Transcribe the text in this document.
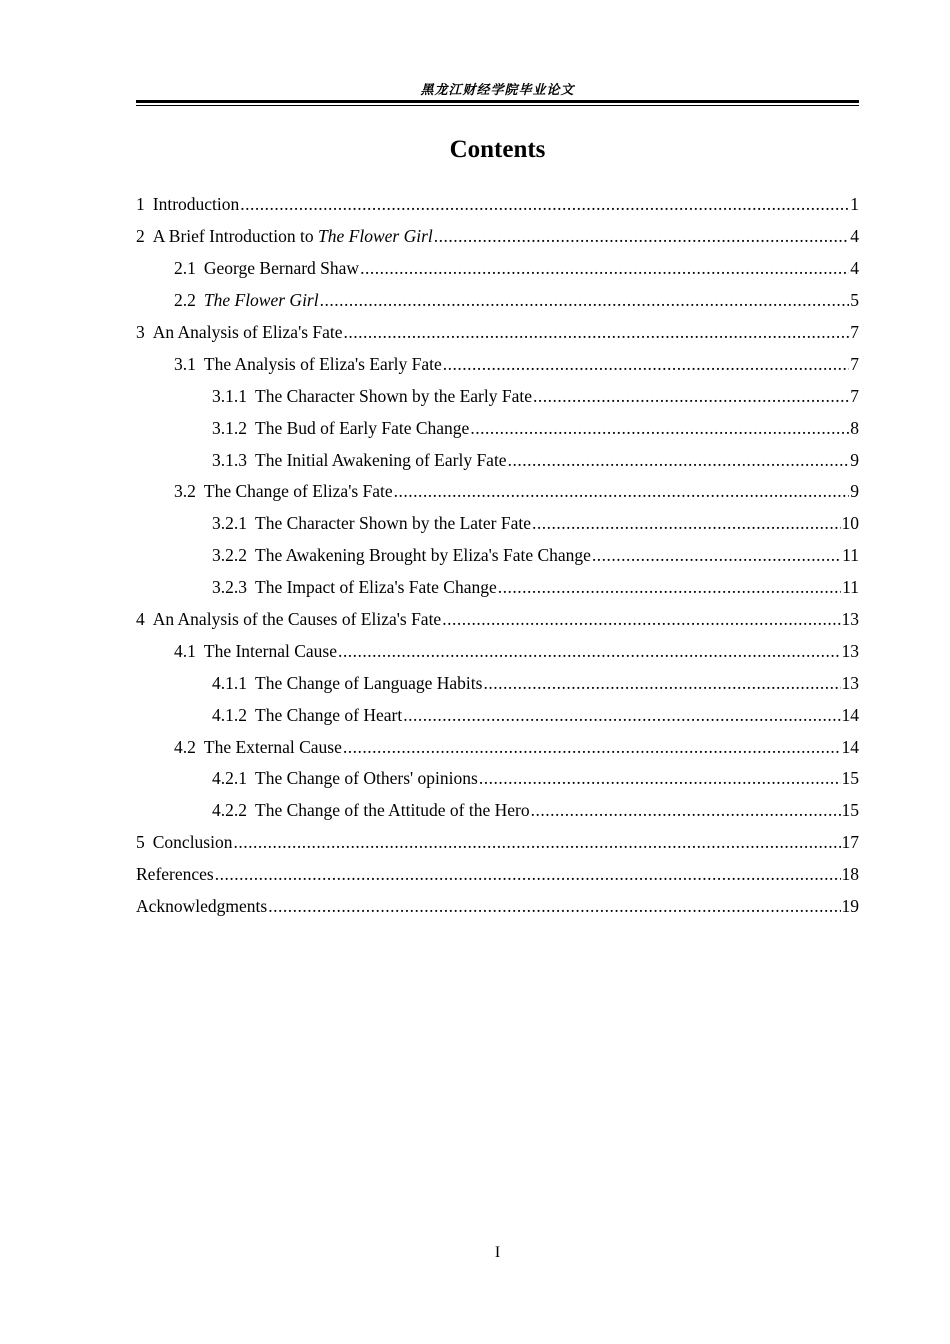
黑龙江财经学院毕业论文
Contents
1 Introduction .....	1
2 A Brief Introduction to The Flower Girl .....	4
2.1 George Bernard Shaw .....	4
2.2 The Flower Girl .....	5
3 An Analysis of Eliza's Fate .....	7
3.1 The Analysis of Eliza's Early Fate .....	7
3.1.1 The Character Shown by the Early Fate .....	7
3.1.2 The Bud of Early Fate Change .....	8
3.1.3 The Initial Awakening of Early Fate .....	9
3.2 The Change of Eliza's Fate .....	9
3.2.1 The Character Shown by the Later Fate .....	10
3.2.2 The Awakening Brought by Eliza's Fate Change .....	11
3.2.3 The Impact of Eliza's Fate Change .....	11
4 An Analysis of the Causes of Eliza's Fate .....	13
4.1 The Internal Cause .....	13
4.1.1 The Change of Language Habits .....	13
4.1.2 The Change of Heart .....	14
4.2 The External Cause .....	14
4.2.1 The Change of Others' opinions .....	15
4.2.2 The Change of the Attitude of the Hero .....	15
5 Conclusion .....	17
References .....	18
Acknowledgments .....	19
I
